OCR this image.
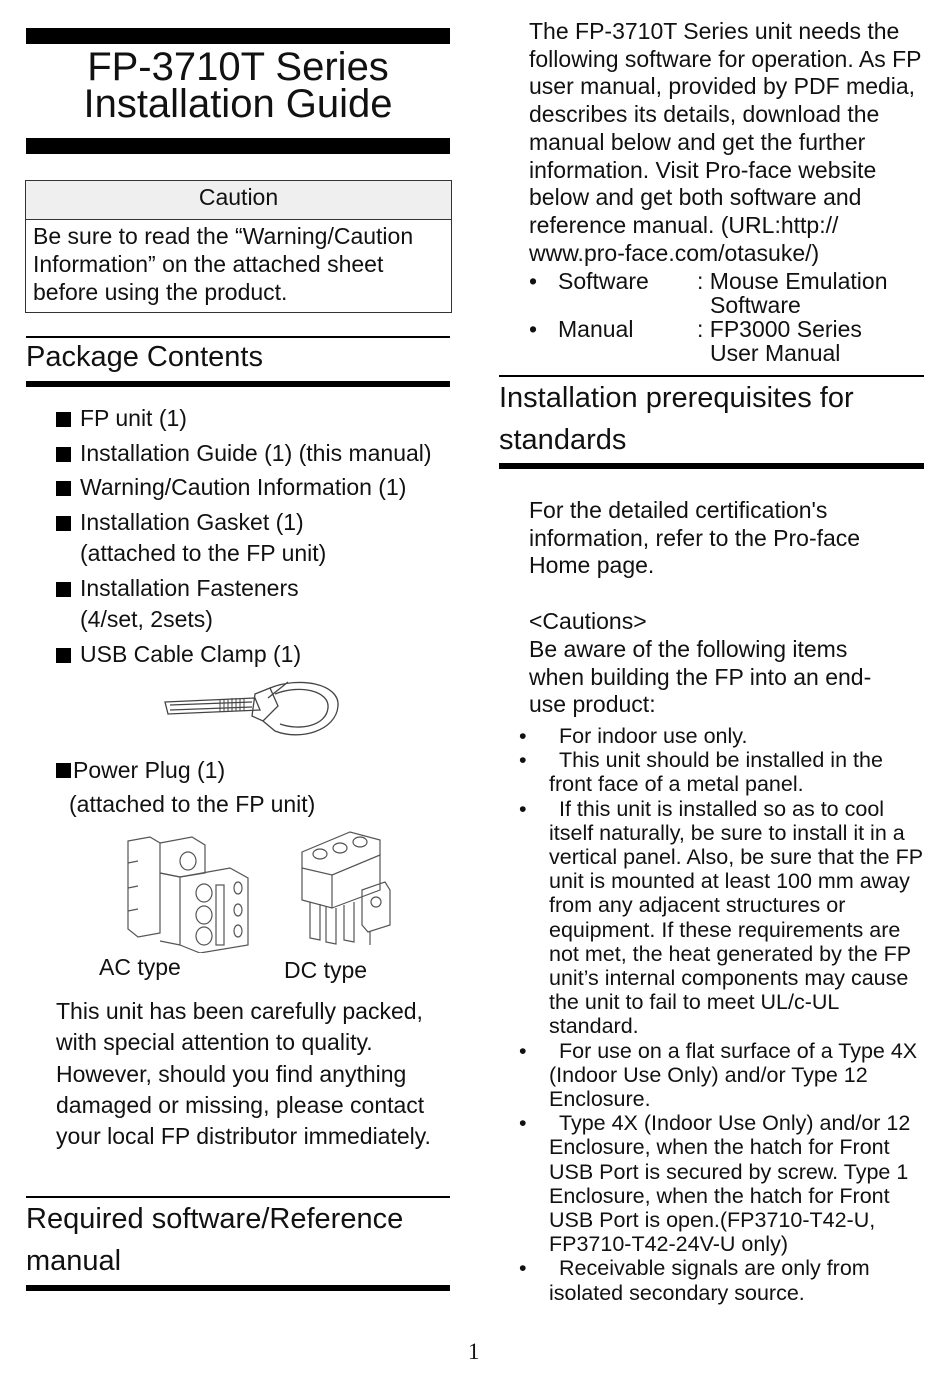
FP-3710T Series
Installation Guide
Caution
Be sure to read the “Warning/Caution Information” on the attached sheet before using the product.
Package Contents
FP unit (1)
Installation Guide (1) (this manual)
Warning/Caution Information (1)
Installation Gasket (1)
(attached to the FP unit)
Installation Fasteners
(4/set, 2sets)
USB Cable Clamp (1)
Power Plug (1)
(attached to the FP unit)
AC type	DC type
This unit has been carefully packed, with special attention to quality. However, should you find anything damaged or missing, please contact your local FP distributor immediately.
Required software/Reference manual
1
The FP-3710T Series unit needs the following software for operation. As FP user manual, provided by PDF media, describes its details, download the manual below and get the further information. Visit Pro-face website below and get both software and reference manual. (URL:http:// www.pro-face.com/otasuke/)
• Software : Mouse Emulation
Software
• Manual	: FP3000 Series
User Manual
Installation prerequisites for standards
For the detailed certification's information, refer to the Pro-face Home page.
<Cautions>
Be aware of the following items when building the FP into an end-use product:
• For indoor use only.
• This unit should be installed in the front face of a metal panel.
• If this unit is installed so as to cool itself naturally, be sure to install it in a vertical panel. Also, be sure that the FP unit is mounted at least 100 mm away from any adjacent structures or equipment. If these requirements are not met, the heat generated by the FP unit’s internal components may cause the unit to fail to meet UL/c-UL standard.
• For use on a flat surface of a Type 4X (Indoor Use Only) and/or Type 12 Enclosure.
• Type 4X (Indoor Use Only) and/or 12 Enclosure, when the hatch for Front USB Port is secured by screw. Type 1 Enclosure, when the hatch for Front USB Port is open.(FP3710-T42-U, FP3710-T42-24V-U only)
• Receivable signals are only from isolated secondary source.
